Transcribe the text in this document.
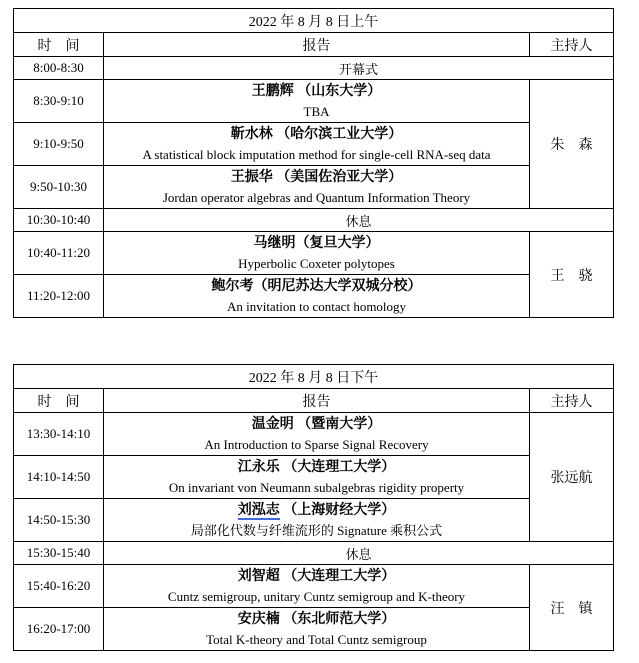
2022 年 8 月 8 日上午		
时　间	报告	主持人
8:00-8:30	开幕式	
8:30-9:10	王鹏辉 （山东大学）
TBA	朱　森
9:10-9:50	靳水林 （哈尔滨工业大学）
A statistical block imputation method for single-cell RNA-seq data	

9:50-10:30	王振华 （美国佐治亚大学）
Jordan operator algebras and Quantum Information Theory	

10:30-10:40	休息	
10:40-11:20	马继明（复旦大学）
Hyperbolic Coxeter polytopes	王　骁
11:20-12:00	鲍尔考（明尼苏达大学双城分校）
An invitation to contact homology	
2022 年 8 月 8 日下午		
时　间	报告	主持人
13:30-14:10	温金明 （暨南大学）
An Introduction to Sparse Signal Recovery	张远航
14:10-14:50	江永乐 （大连理工大学）
On invariant von Neumann subalgebras rigidity property	

14:50-15:30	刘泓志 （上海财经大学）
局部化代数与纤维流形的 Signature 乘积公式	

15:30-15:40	休息	
15:40-16:20	刘智超 （大连理工大学）
Cuntz semigroup, unitary Cuntz semigroup and K-theory	汪　镇
16:20-17:00	安庆楠 （东北师范大学）
Total K-theory and Total Cuntz semigroup	
